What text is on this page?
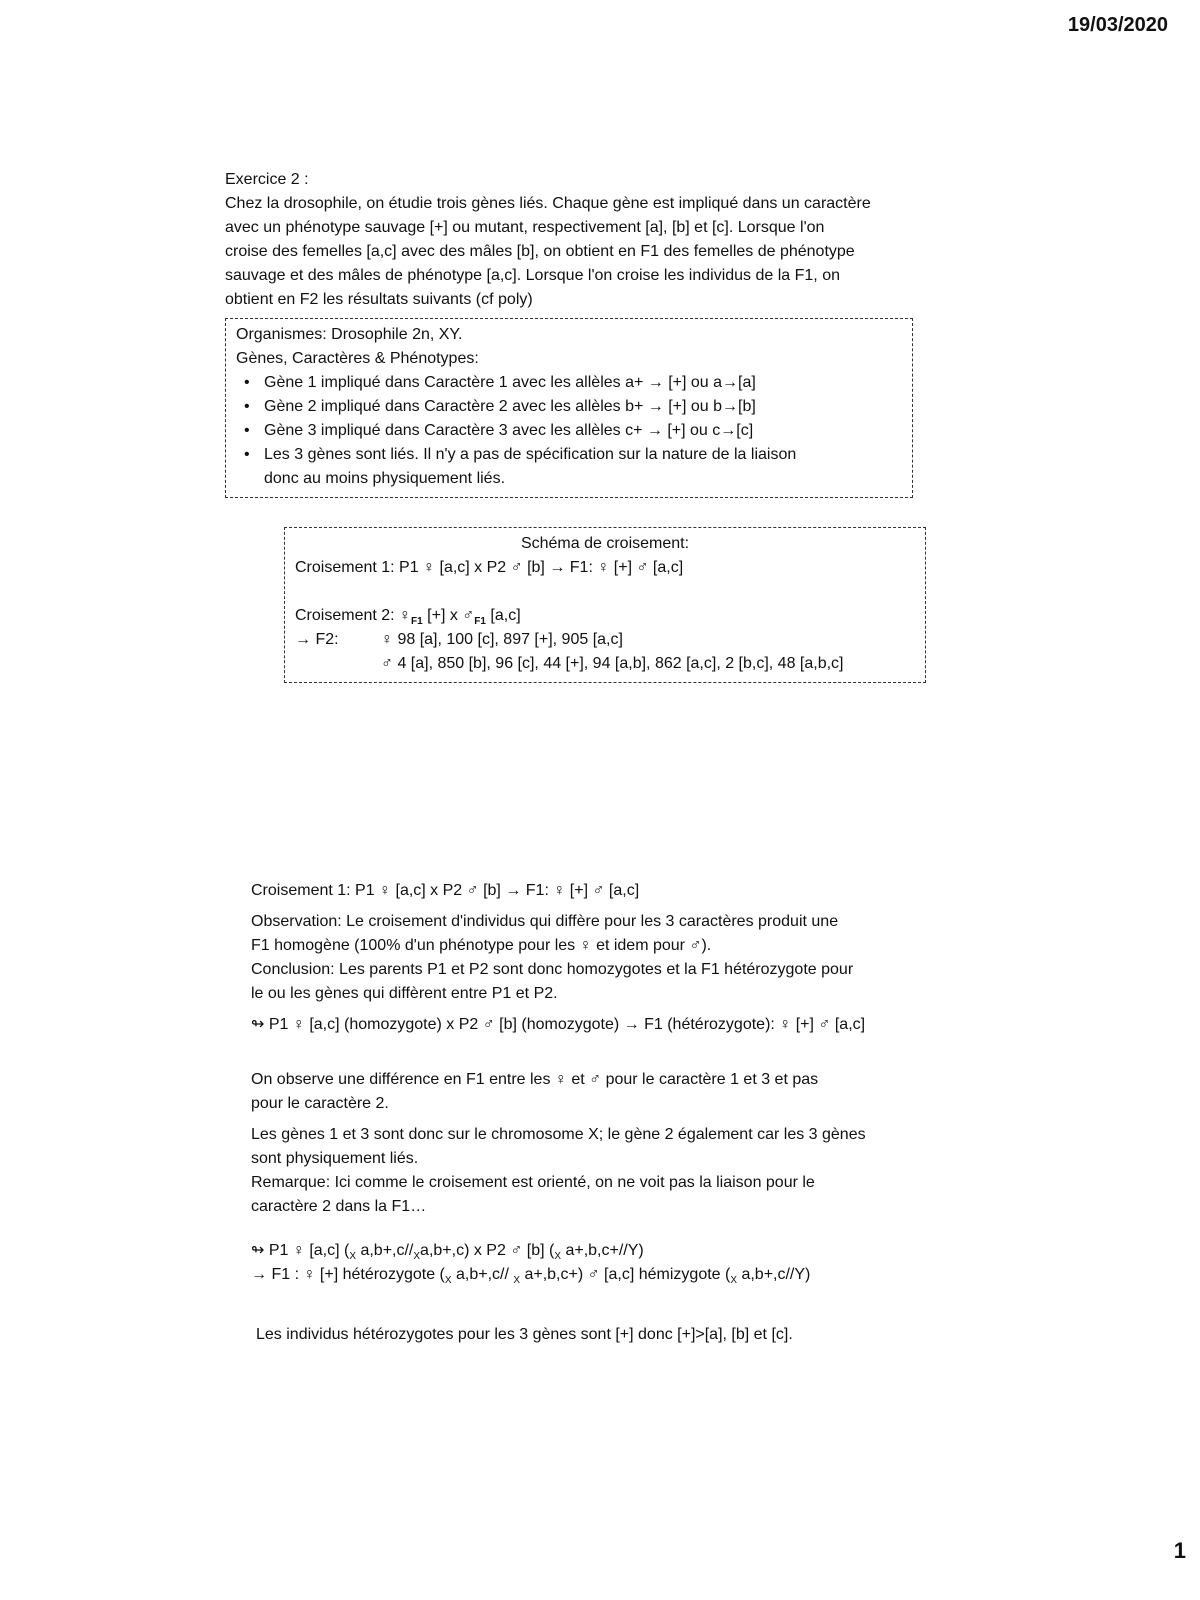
19/03/2020
Exercice 2 :
Chez la drosophile, on étudie trois gènes liés. Chaque gène est impliqué dans un caractère
avec un phénotype sauvage [+] ou mutant, respectivement [a], [b] et [c]. Lorsque l'on
croise des femelles [a,c] avec des mâles [b], on obtient en F1 des femelles de phénotype
sauvage et des mâles de phénotype [a,c]. Lorsque l'on croise les individus de la F1, on
obtient en F2 les résultats suivants (cf poly)
Organismes: Drosophile 2n, XY.
Gènes, Caractères & Phénotypes:
• Gène 1 impliqué dans Caractère 1 avec les allèles a+ → [+] ou a→[a]
• Gène 2 impliqué dans Caractère 2 avec les allèles b+ → [+] ou b→[b]
• Gène 3 impliqué dans Caractère 3 avec les allèles c+ → [+] ou c→[c]
• Les 3 gènes sont liés. Il n'y a pas de spécification sur la nature de la liaison
donc au moins physiquement liés.
Schéma de croisement:
Croisement 1: P1 ♀ [a,c] x P2 ♂ [b] → F1: ♀ [+] ♂ [a,c]
Croisement 2: $♀_{F1}$ [+] x $♂_{F1}$ [a,c]
→ F2:	♀ 98 [a], 100 [c], 897 [+], 905 [a,c]
♂ 4 [a], 850 [b], 96 [c], 44 [+], 94 [a,b], 862 [a,c], 2 [b,c], 48 [a,b,c]
Croisement 1: P1 ♀ [a,c] x P2 ♂ [b] → F1: ♀ [+] ♂ [a,c]
Observation: Le croisement d'individus qui diffère pour les 3 caractères produit une
F1 homogène (100% d'un phénotype pour les ♀ et idem pour ♂).
Conclusion: Les parents P1 et P2 sont donc homozygotes et la F1 hétérozygote pour
le ou les gènes qui diffèrent entre P1 et P2.
↬ P1 ♀ [a,c] (homozygote) x P2 ♂ [b] (homozygote) → F1 (hétérozygote): ♀ [+] ♂ [a,c]
On observe une différence en F1 entre les ♀ et ♂ pour le caractère 1 et 3 et pas
pour le caractère 2.
Les gènes 1 et 3 sont donc sur le chromosome X; le gène 2 également car les 3 gènes
sont physiquement liés.
Remarque: Ici comme le croisement est orienté, on ne voit pas la liaison pour le
caractère 2 dans la F1…
↬ P1 ♀ [a,c] ($_X$ $a,b+,c//_Xa,b+,c$) x P2 ♂ [b] ($_X$ a+,b,c+//Y)
→ F1 : ♀ [+] hétérozygote ($_X$ a,b+,c// $_X$ a+,b,c+) ♂ [a,c] hémizygote ($_X$ a,b+,c//Y)
Les individus hétérozygotes pour les 3 gènes sont [+] donc [+]>[a], [b] et [c].
1
